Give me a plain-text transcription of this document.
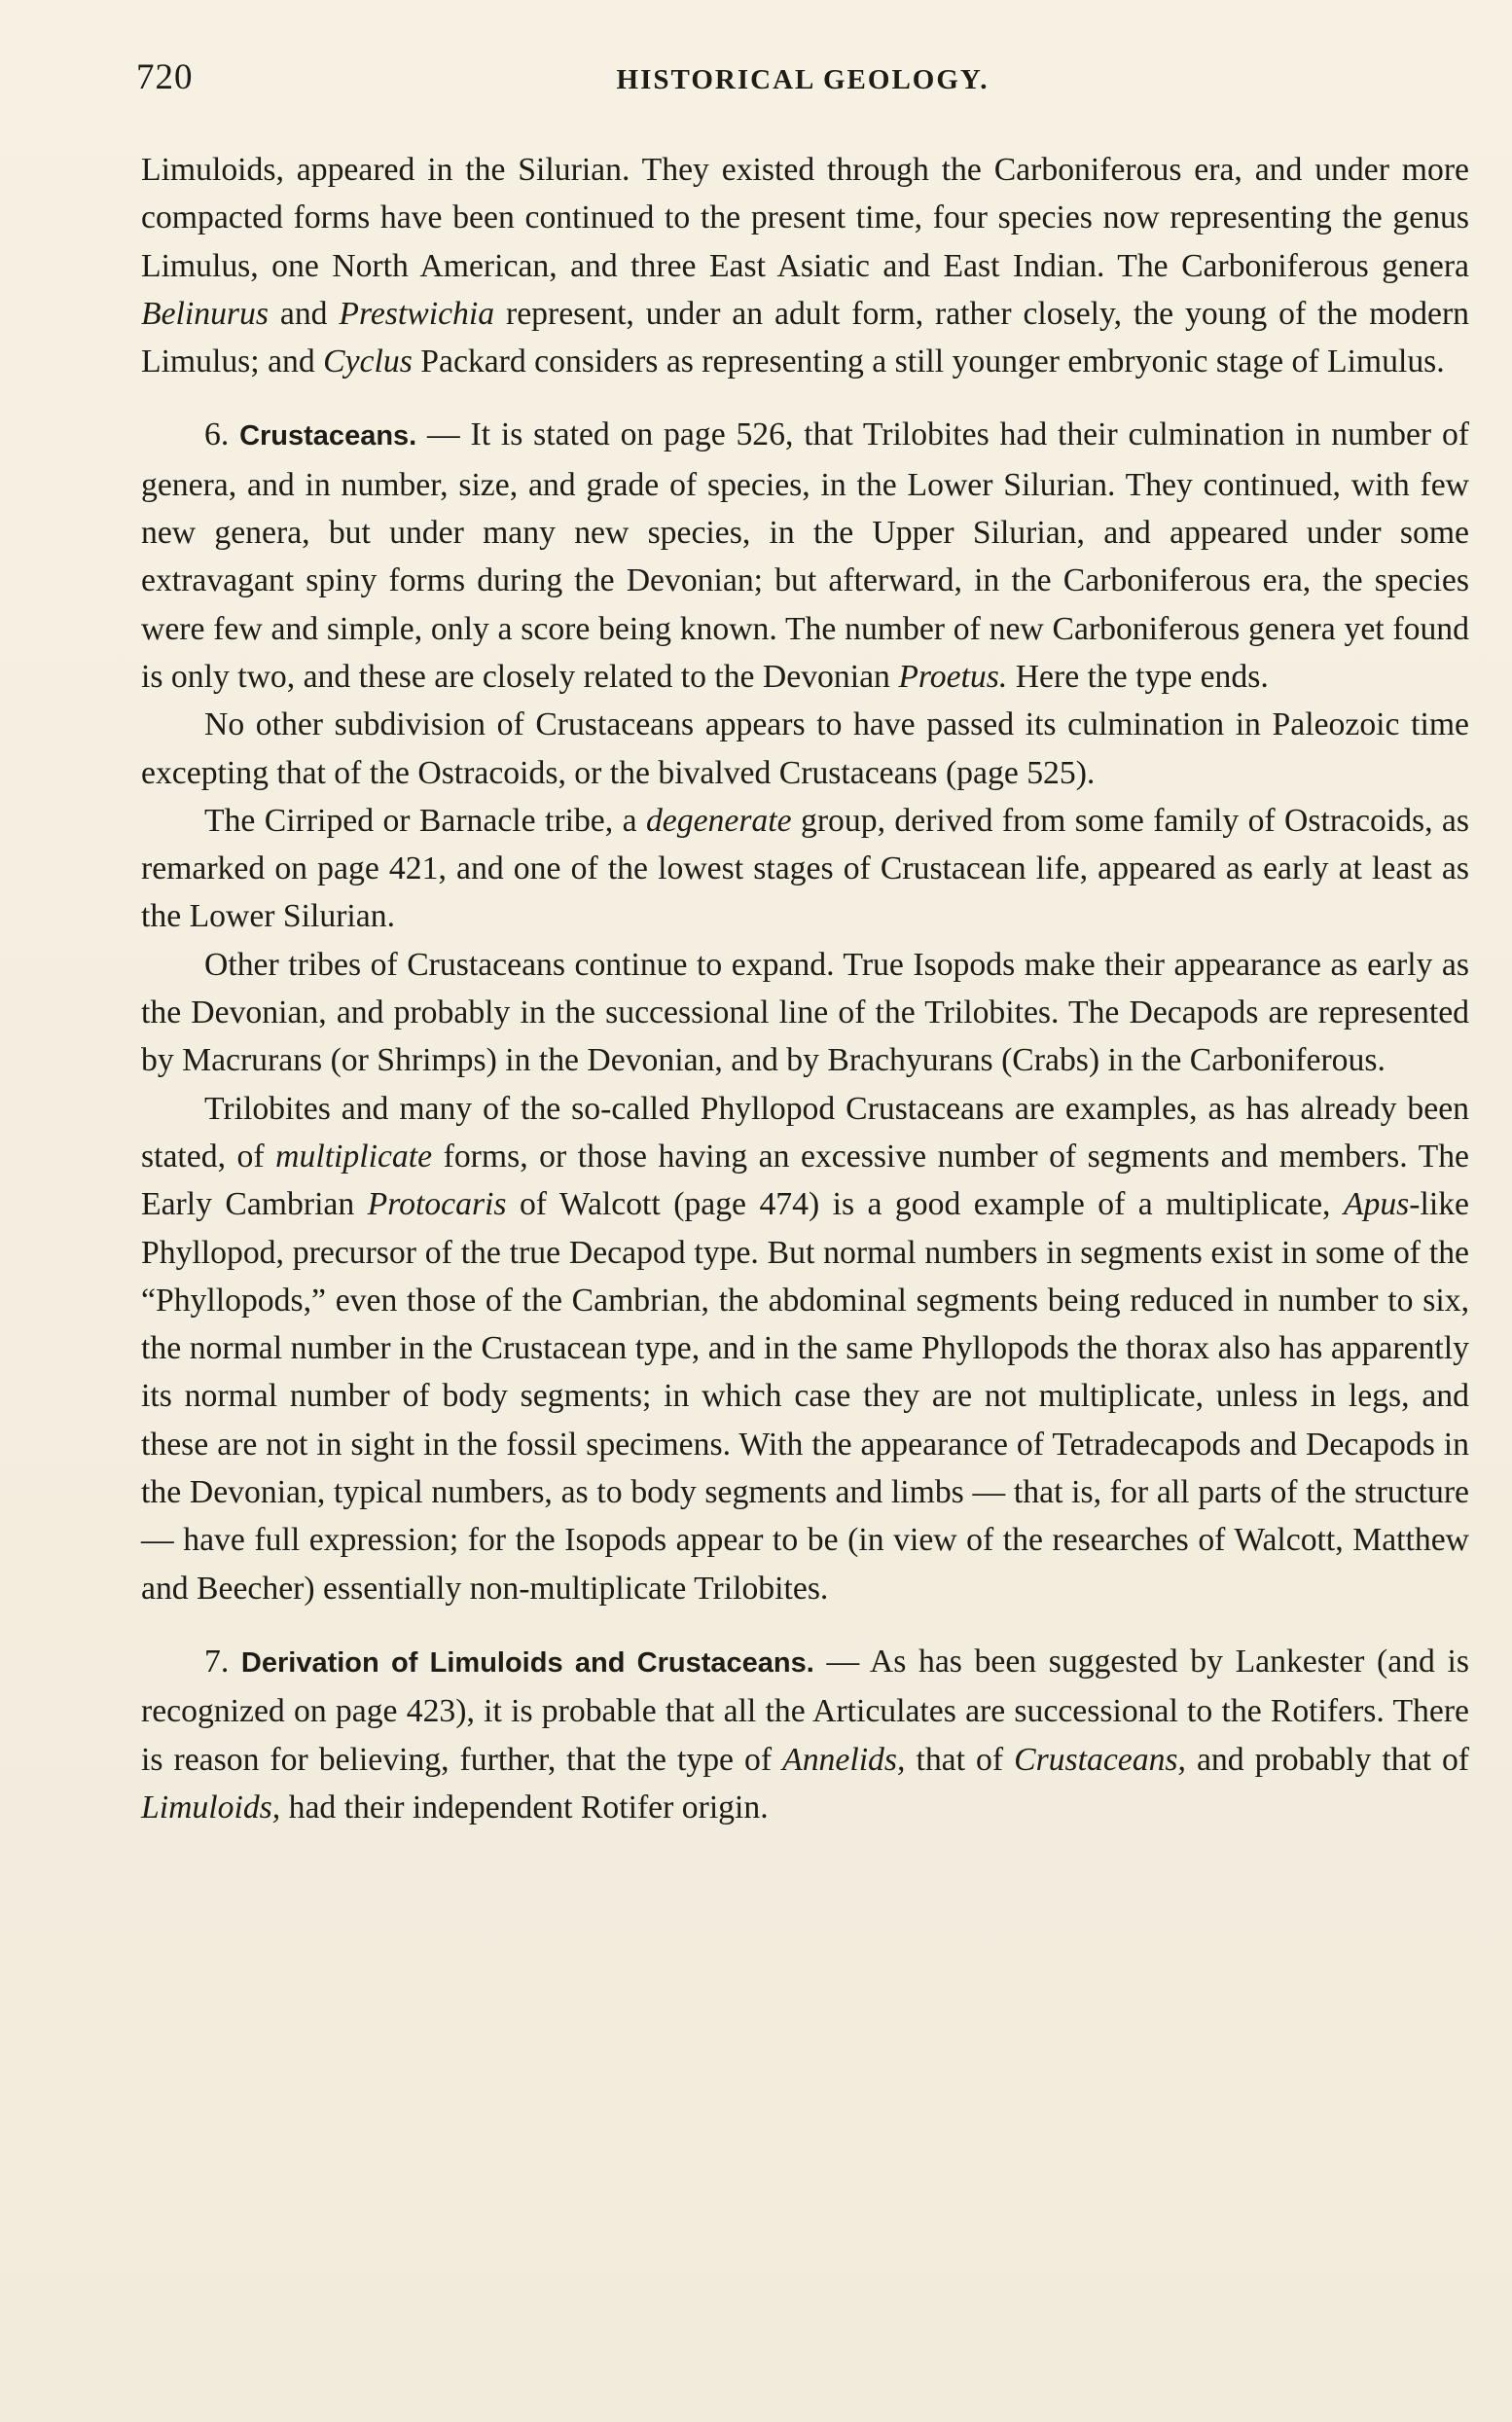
720	HISTORICAL GEOLOGY.

Limuloids, appeared in the Silurian. They existed through the Carboniferous era, and under more compacted forms have been continued to the present time, four species now representing the genus Limulus, one North American, and three East Asiatic and East Indian. The Carboniferous genera Belinurus and Prestwichia represent, under an adult form, rather closely, the young of the modern Limulus; and Cyclus Packard considers as representing a still younger embryonic stage of Limulus.

6. Crustaceans. — It is stated on page 526, that Trilobites had their culmination in number of genera, and in number, size, and grade of species, in the Lower Silurian. They continued, with few new genera, but under many new species, in the Upper Silurian, and appeared under some extravagant spiny forms during the Devonian; but afterward, in the Carboniferous era, the species were few and simple, only a score being known. The number of new Carboniferous genera yet found is only two, and these are closely related to the Devonian Proetus. Here the type ends.

No other subdivision of Crustaceans appears to have passed its culmination in Paleozoic time excepting that of the Ostracoids, or the bivalved Crustaceans (page 525).

The Cirriped or Barnacle tribe, a degenerate group, derived from some family of Ostracoids, as remarked on page 421, and one of the lowest stages of Crustacean life, appeared as early at least as the Lower Silurian.

Other tribes of Crustaceans continue to expand. True Isopods make their appearance as early as the Devonian, and probably in the successional line of the Trilobites. The Decapods are represented by Macrurans (or Shrimps) in the Devonian, and by Brachyurans (Crabs) in the Carboniferous.

Trilobites and many of the so-called Phyllopod Crustaceans are examples, as has already been stated, of multiplicate forms, or those having an excessive number of segments and members. The Early Cambrian Protocaris of Walcott (page 474) is a good example of a multiplicate, Apus-like Phyllopod, precursor of the true Decapod type. But normal numbers in segments exist in some of the “Phyllopods,” even those of the Cambrian, the abdominal segments being reduced in number to six, the normal number in the Crustacean type, and in the same Phyllopods the thorax also has apparently its normal number of body segments; in which case they are not multiplicate, unless in legs, and these are not in sight in the fossil specimens. With the appearance of Tetradecapods and Decapods in the Devonian, typical numbers, as to body segments and limbs — that is, for all parts of the structure — have full expression; for the Isopods appear to be (in view of the researches of Walcott, Matthew and Beecher) essentially non-multiplicate Trilobites.

7. Derivation of Limuloids and Crustaceans. — As has been suggested by Lankester (and is recognized on page 423), it is probable that all the Articulates are successional to the Rotifers. There is reason for believing, further, that the type of Annelids, that of Crustaceans, and probably that of Limuloids, had their independent Rotifer origin.
